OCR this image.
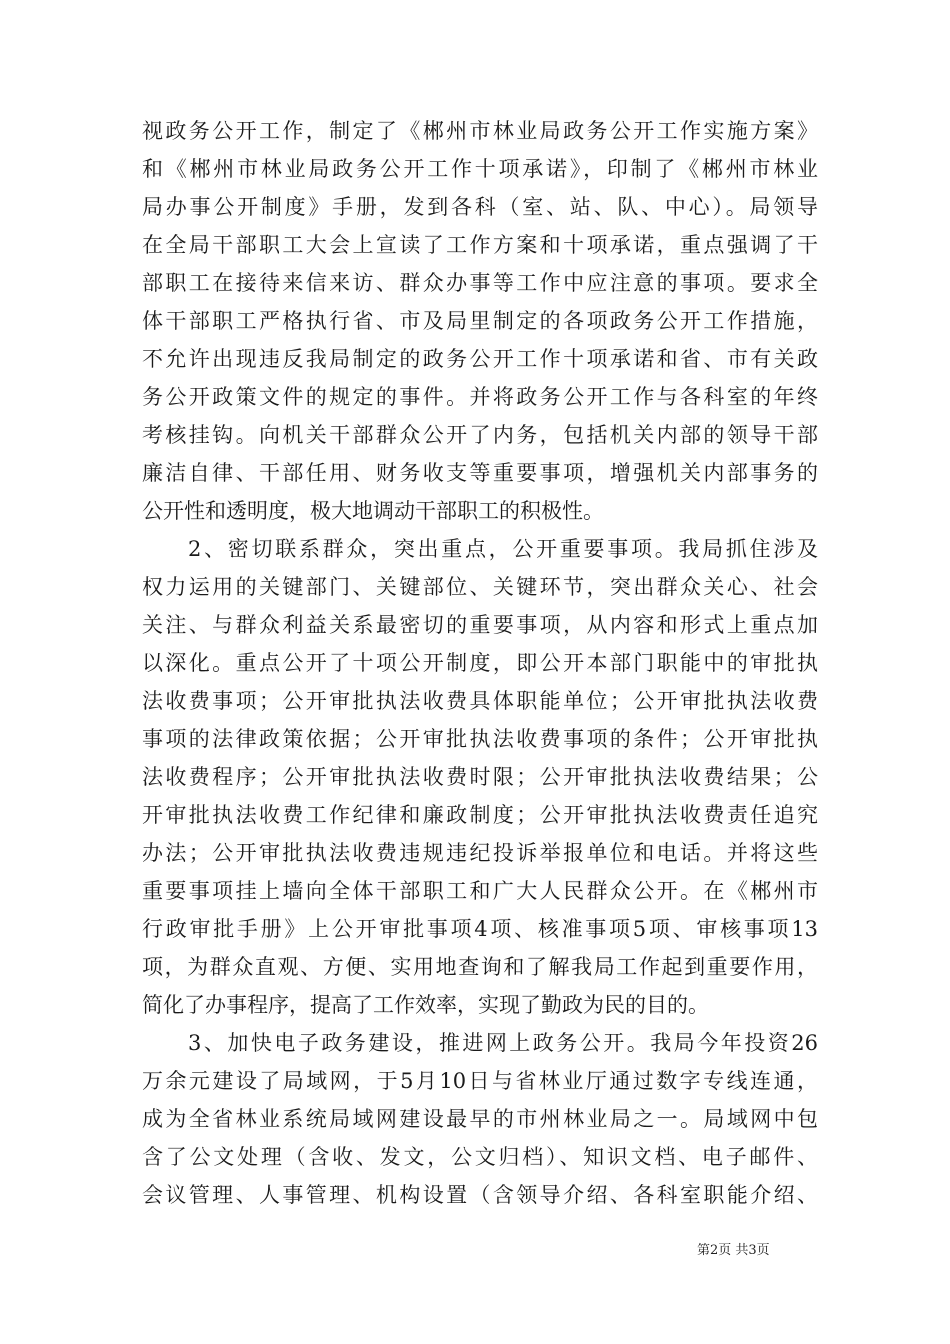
视政务公开工作，制定了《郴州市林业局政务公开工作实施方案》
和《郴州市林业局政务公开工作十项承诺》，印制了《郴州市林业
局办事公开制度》手册，发到各科（室、站、队、中心）。局领导
在全局干部职工大会上宣读了工作方案和十项承诺，重点强调了干
部职工在接待来信来访、群众办事等工作中应注意的事项。要求全
体干部职工严格执行省、市及局里制定的各项政务公开工作措施，
不允许出现违反我局制定的政务公开工作十项承诺和省、市有关政
务公开政策文件的规定的事件。并将政务公开工作与各科室的年终
考核挂钩。向机关干部群众公开了内务，包括机关内部的领导干部
廉洁自律、干部任用、财务收支等重要事项，增强机关内部事务的
公开性和透明度，极大地调动干部职工的积极性。
2、密切联系群众，突出重点，公开重要事项。我局抓住涉及
权力运用的关键部门、关键部位、关键环节，突出群众关心、社会
关注、与群众利益关系最密切的重要事项，从内容和形式上重点加
以深化。重点公开了十项公开制度，即公开本部门职能中的审批执
法收费事项；公开审批执法收费具体职能单位；公开审批执法收费
事项的法律政策依据；公开审批执法收费事项的条件；公开审批执
法收费程序；公开审批执法收费时限；公开审批执法收费结果；公
开审批执法收费工作纪律和廉政制度；公开审批执法收费责任追究
办法；公开审批执法收费违规违纪投诉举报单位和电话。并将这些
重要事项挂上墙向全体干部职工和广大人民群众公开。在《郴州市
行政审批手册》上公开审批事项4项、核准事项5项、审核事项13
项，为群众直观、方便、实用地查询和了解我局工作起到重要作用，
简化了办事程序，提高了工作效率，实现了勤政为民的目的。
3、加快电子政务建设，推进网上政务公开。我局今年投资26
万余元建设了局域网，于5月10日与省林业厅通过数字专线连通，
成为全省林业系统局域网建设最早的市州林业局之一。局域网中包
含了公文处理（含收、发文，公文归档）、知识文档、电子邮件、
会议管理、人事管理、机构设置（含领导介绍、各科室职能介绍、
第2页 共3页
